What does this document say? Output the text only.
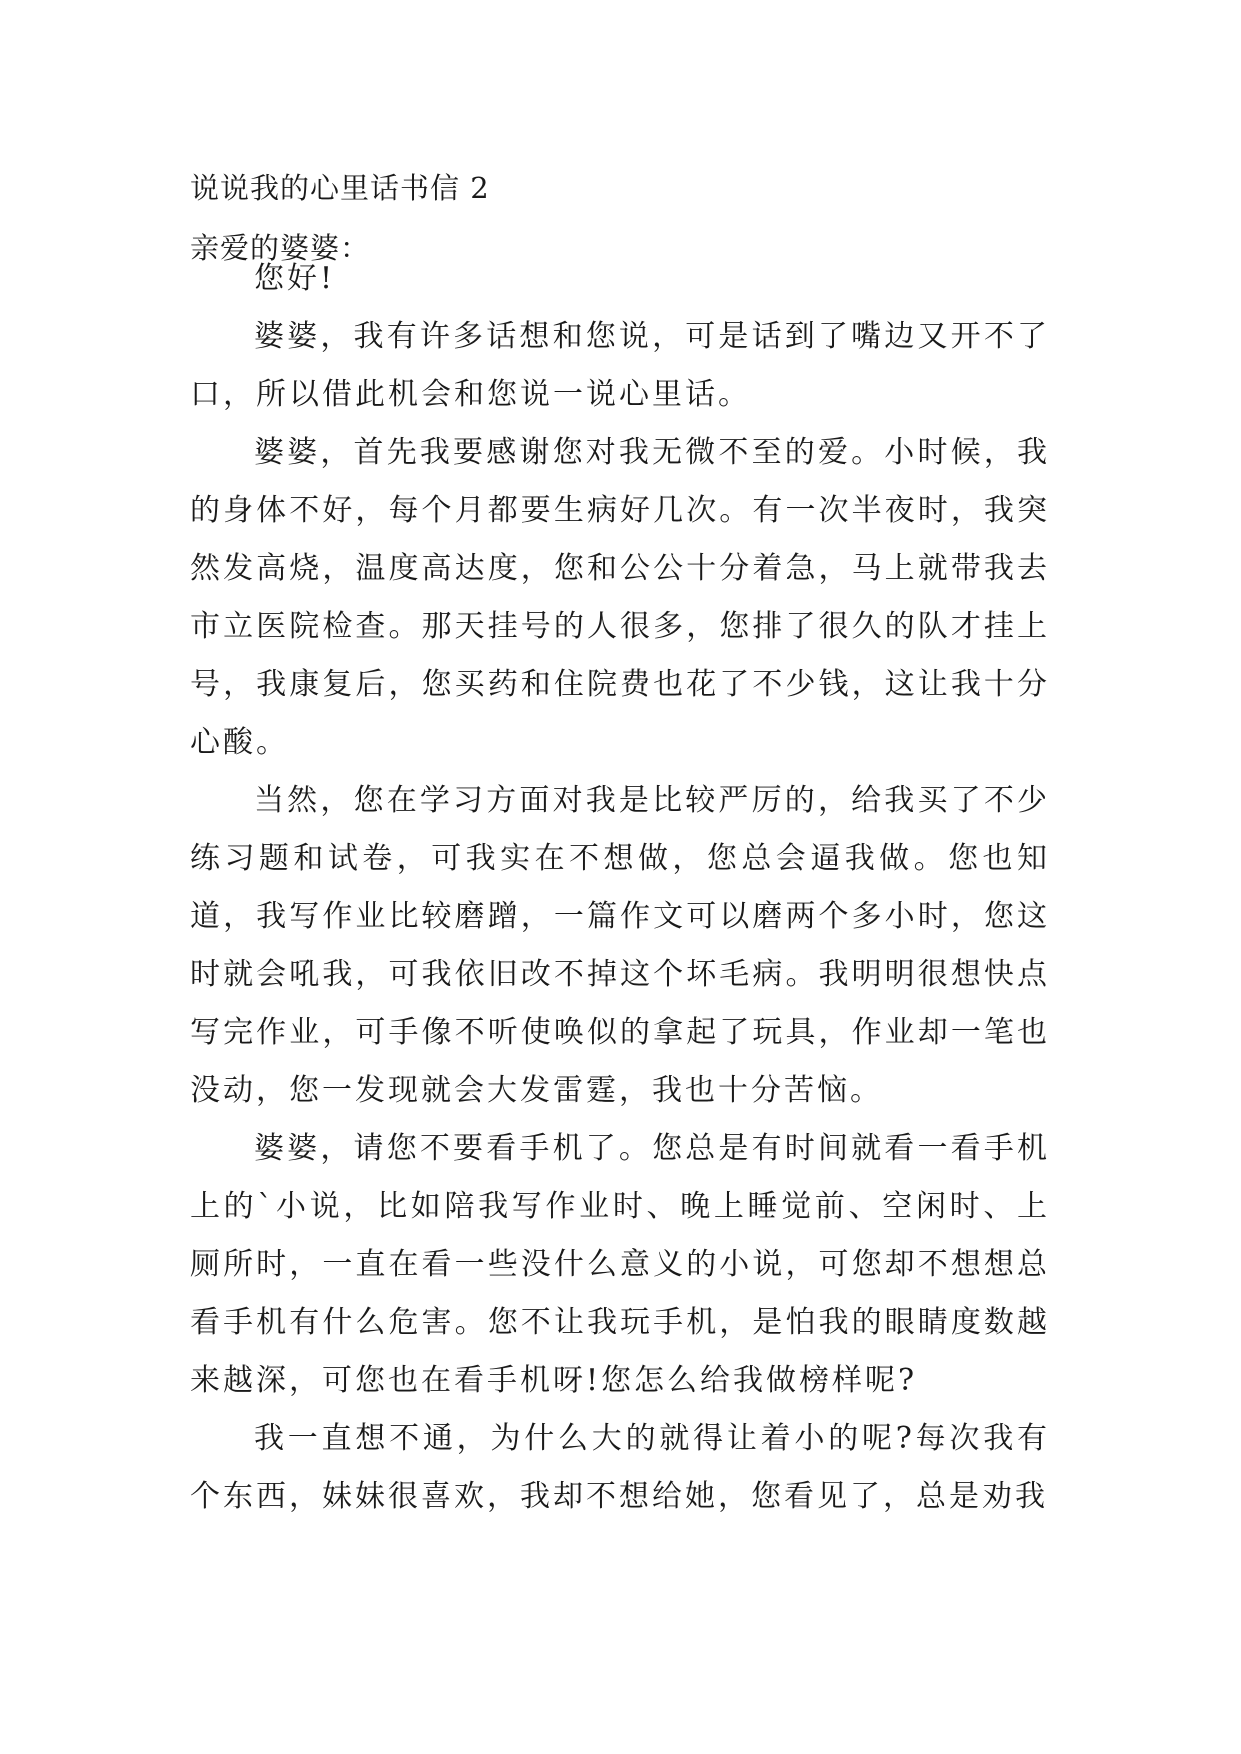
说说我的心里话书信 2
亲爱的婆婆：

您好!

婆婆，我有许多话想和您说，可是话到了嘴边又开不了口，所以借此机会和您说一说心里话。

婆婆，首先我要感谢您对我无微不至的爱。小时候，我的身体不好，每个月都要生病好几次。有一次半夜时，我突然发高烧，温度高达度，您和公公十分着急，马上就带我去市立医院检查。那天挂号的人很多，您排了很久的队才挂上号，我康复后，您买药和住院费也花了不少钱，这让我十分心酸。

当然，您在学习方面对我是比较严厉的，给我买了不少练习题和试卷，可我实在不想做，您总会逼我做。您也知道，我写作业比较磨蹭，一篇作文可以磨两个多小时，您这时就会吼我，可我依旧改不掉这个坏毛病。我明明很想快点写完作业，可手像不听使唤似的拿起了玩具，作业却一笔也没动，您一发现就会大发雷霆，我也十分苦恼。

婆婆，请您不要看手机了。您总是有时间就看一看手机上的`小说，比如陪我写作业时、晚上睡觉前、空闲时、上厕所时，一直在看一些没什么意义的小说，可您却不想想总看手机有什么危害。您不让我玩手机，是怕我的眼睛度数越来越深，可您也在看手机呀!您怎么给我做榜样呢?

我一直想不通，为什么大的就得让着小的呢?每次我有个东西，妹妹很喜欢，我却不想给她，您看见了，总是劝我
